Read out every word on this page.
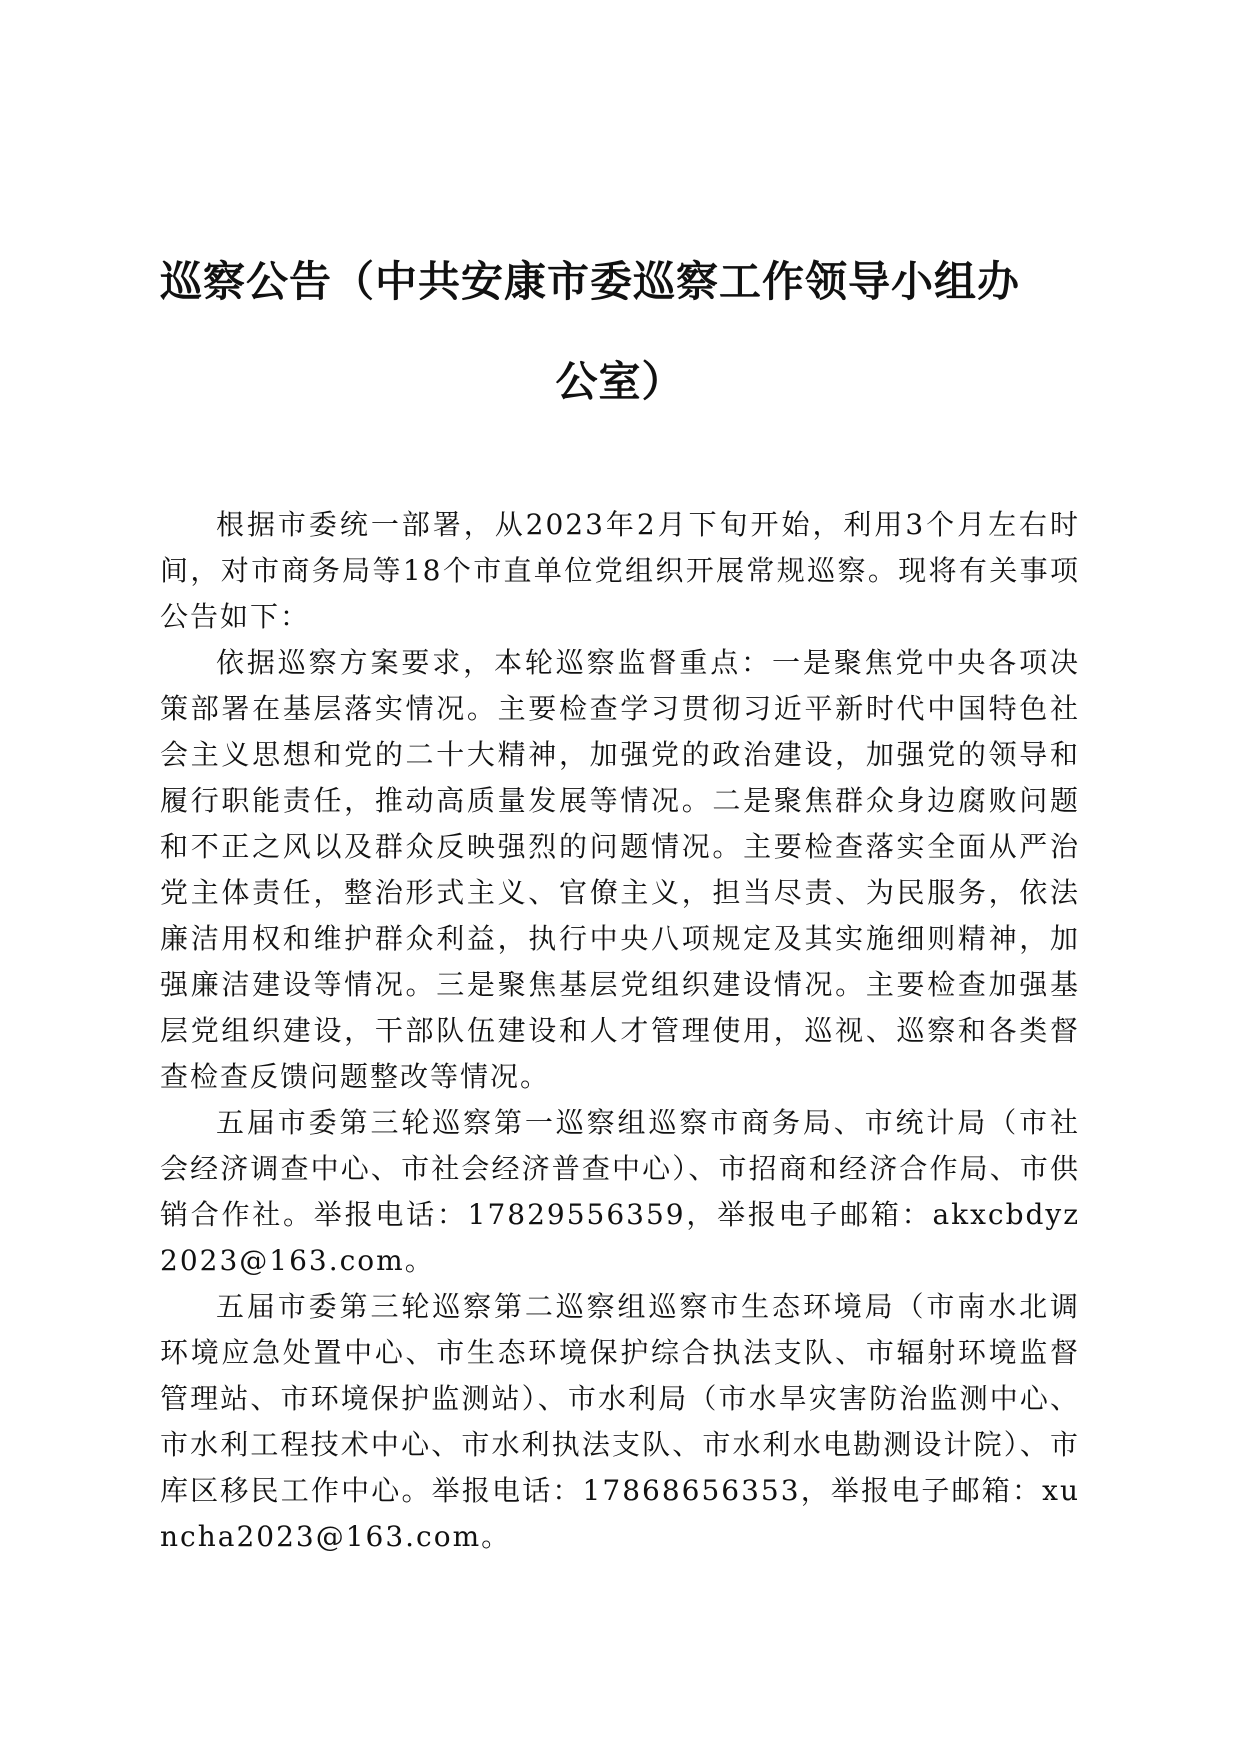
巡察公告（中共安康市委巡察工作领导小组办

公室）

根据市委统一部署，从2023年2月下旬开始，利用3个月左右时间，对市商务局等18个市直单位党组织开展常规巡察。现将有关事项公告如下：

依据巡察方案要求，本轮巡察监督重点：一是聚焦党中央各项决策部署在基层落实情况。主要检查学习贯彻习近平新时代中国特色社会主义思想和党的二十大精神，加强党的政治建设，加强党的领导和履行职能责任，推动高质量发展等情况。二是聚焦群众身边腐败问题和不正之风以及群众反映强烈的问题情况。主要检查落实全面从严治党主体责任，整治形式主义、官僚主义，担当尽责、为民服务，依法廉洁用权和维护群众利益，执行中央八项规定及其实施细则精神，加强廉洁建设等情况。三是聚焦基层党组织建设情况。主要检查加强基层党组织建设，干部队伍建设和人才管理使用，巡视、巡察和各类督查检查反馈问题整改等情况。

五届市委第三轮巡察第一巡察组巡察市商务局、市统计局（市社会经济调查中心、市社会经济普查中心）、市招商和经济合作局、市供销合作社。举报电话：17829556359，举报电子邮箱：akxcbdyz2023@163.com。

五届市委第三轮巡察第二巡察组巡察市生态环境局（市南水北调环境应急处置中心、市生态环境保护综合执法支队、市辐射环境监督管理站、市环境保护监测站）、市水利局（市水旱灾害防治监测中心、市水利工程技术中心、市水利执法支队、市水利水电勘测设计院）、市库区移民工作中心。举报电话：17868656353，举报电子邮箱：xuncha2023@163.com。
